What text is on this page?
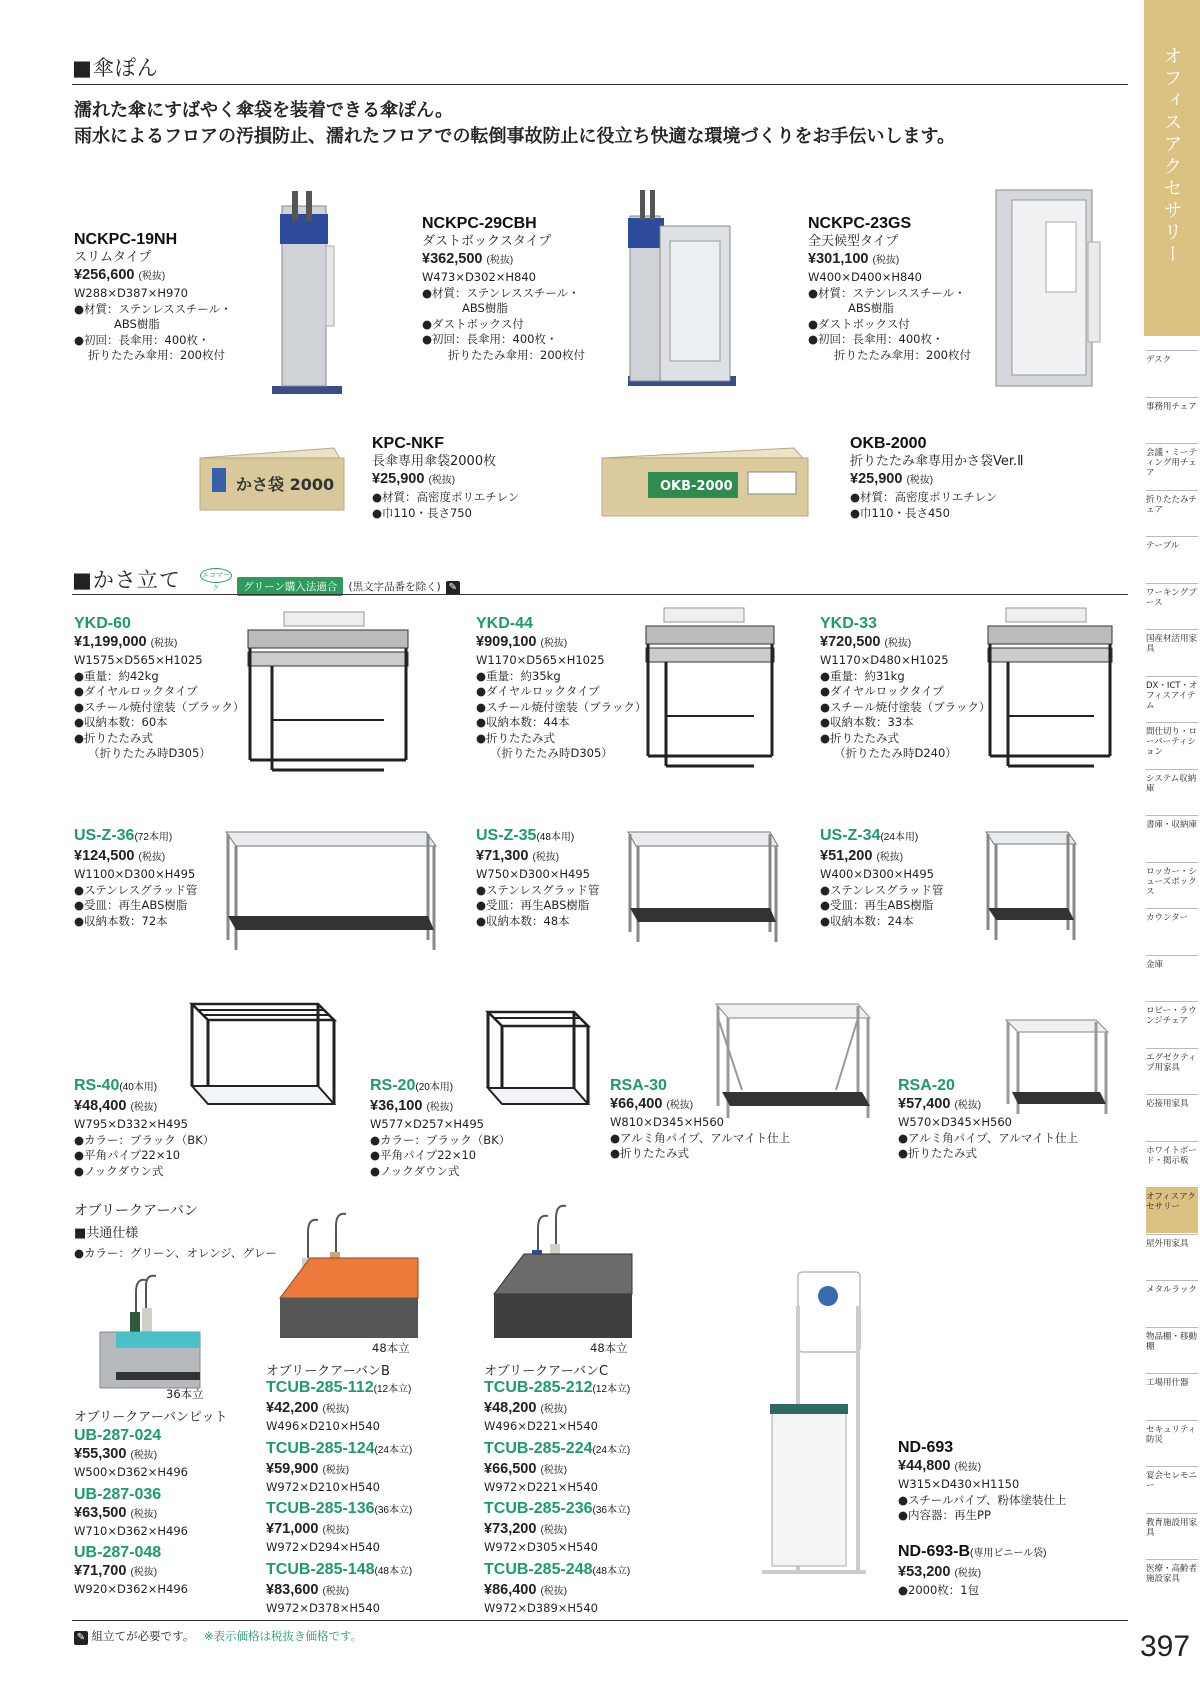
■傘ぽん
濡れた傘にすばやく傘袋を装着できる傘ぽん。
雨水によるフロアの汚損防止、濡れたフロアでの転倒事故防止に役立ち快適な環境づくりをお手伝いします。
NCKPC-19NH
スリムタイプ
¥256,600 (税抜)
W288×D387×H970
●材質：ステンレススチール・
ABS樹脂
●初回：長傘用：400枚・
折りたたみ傘用：200枚付
NCKPC-29CBH
ダストボックスタイプ
¥362,500 (税抜)
W473×D302×H840
●材質：ステンレススチール・
ABS樹脂
●ダストボックス付
●初回：長傘用：400枚・
折りたたみ傘用：200枚付
NCKPC-23GS
全天候型タイプ
¥301,100 (税抜)
W400×D400×H840
●材質：ステンレススチール・
ABS樹脂
●ダストボックス付
●初回：長傘用：400枚・
折りたたみ傘用：200枚付
かさ袋 2000
KPC-NKF
長傘専用傘袋2000枚
¥25,900 (税抜)
●材質：高密度ポリエチレン
●巾110・長さ750
OKB-2000
OKB-2000
折りたたみ傘専用かさ袋Ver.Ⅱ
¥25,900 (税抜)
●材質：高密度ポリエチレン
●巾110・長さ450
■かさ立て	エコマーク グリーン購入法適合 (黒文字品番を除く) ✎
YKD-60
¥1,199,000 (税抜)
W1575×D565×H1025
●重量：約42kg
●ダイヤルロックタイプ
●スチール焼付塗装（ブラック）
●収納本数：60本
●折りたたみ式
（折りたたみ時D305）
YKD-44
¥909,100 (税抜)
W1170×D565×H1025
●重量：約35kg
●ダイヤルロックタイプ
●スチール焼付塗装（ブラック）
●収納本数：44本
●折りたたみ式
（折りたたみ時D305）
YKD-33
¥720,500 (税抜)
W1170×D480×H1025
●重量：約31kg
●ダイヤルロックタイプ
●スチール焼付塗装（ブラック）
●収納本数：33本
●折りたたみ式
（折りたたみ時D240）
US-Z-36(72本用)
¥124,500 (税抜)
W1100×D300×H495
●ステンレスグラッド管
●受皿：再生ABS樹脂
●収納本数：72本
US-Z-35(48本用)
¥71,300 (税抜)
W750×D300×H495
●ステンレスグラッド管
●受皿：再生ABS樹脂
●収納本数：48本
US-Z-34(24本用)
¥51,200 (税抜)
W400×D300×H495
●ステンレスグラッド管
●受皿：再生ABS樹脂
●収納本数：24本
RS-40(40本用)
¥48,400 (税抜)
W795×D332×H495
●カラー：ブラック（BK）
●平角パイプ22×10
●ノックダウン式
RS-20(20本用)
¥36,100 (税抜)
W577×D257×H495
●カラー：ブラック（BK）
●平角パイプ22×10
●ノックダウン式
RSA-30
¥66,400 (税抜)
W810×D345×H560
●アルミ角パイプ、アルマイト仕上
●折りたたみ式
RSA-20
¥57,400 (税抜)
W570×D345×H560
●アルミ角パイプ、アルマイト仕上
●折りたたみ式
オブリークアーバン
■共通仕様
●カラー：グリーン、オレンジ、グレー
36本立
オブリークアーバンピット
UB-287-024
¥55,300 (税抜)
W500×D362×H496
UB-287-036
¥63,500 (税抜)
W710×D362×H496
UB-287-048
¥71,700 (税抜)
W920×D362×H496
48本立
オブリークアーバンB
TCUB-285-112(12本立)
¥42,200 (税抜)
W496×D210×H540
TCUB-285-124(24本立)
¥59,900 (税抜)
W972×D210×H540
TCUB-285-136(36本立)
¥71,000 (税抜)
W972×D294×H540
TCUB-285-148(48本立)
¥83,600 (税抜)
W972×D378×H540
48本立
オブリークアーバンC
TCUB-285-212(12本立)
¥48,200 (税抜)
W496×D221×H540
TCUB-285-224(24本立)
¥66,500 (税抜)
W972×D221×H540
TCUB-285-236(36本立)
¥73,200 (税抜)
W972×D305×H540
TCUB-285-248(48本立)
¥86,400 (税抜)
W972×D389×H540
ND-693
¥44,800 (税抜)
W315×D430×H1150
●スチールパイプ、粉体塗装仕上
●内容器：再生PP
ND-693-B(専用ビニール袋)
¥53,200 (税抜)
●2000枚：1包
✎ 組立てが必要です。 ※表示価格は税抜き価格です。	397
オフィスアクセサリー
デスク
事務用チェア
会議・ミーティング用チェア
折りたたみチェア
テーブル
ワーキングブース
国産材活用家具
DX・ICT・オフィスアイテム
間仕切り・ローパーティション
システム収納庫
書庫・収納庫
ロッカー・シューズボックス
カウンター
金庫
ロビー・ラウンジチェア
エグゼクティブ用家具
応接用家具
ホワイトボード・掲示板
オフィスアクセサリー
屋外用家具
メタルラック
物品棚・移動棚
工場用什器
セキュリティ防災
宴会セレモニー
教育施設用家具
医療・高齢者施設家具
